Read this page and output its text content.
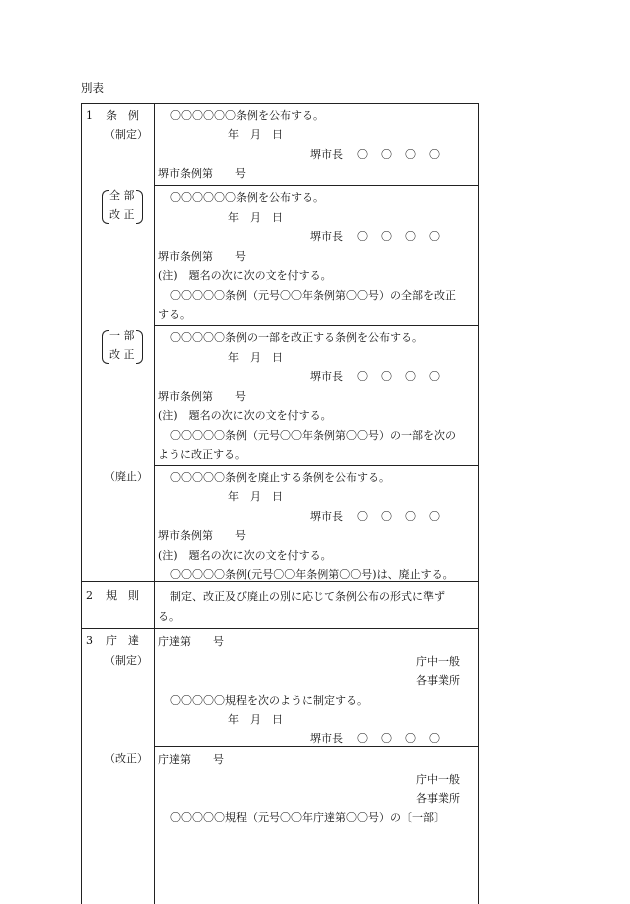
別表
1 条　例
（制定）
全 部
改 正
一 部
改 正
（廃止）
2 規　則
3 庁　達
（制定）
（改正）
〇〇〇〇〇〇条例を公布する。
年　月　日
堺市長 〇　〇　〇　〇
堺市条例第　　号
〇〇〇〇〇〇条例を公布する。
年　月　日
堺市長 〇　〇　〇　〇
堺市条例第　　号
(注)　題名の次に次の文を付する。
〇〇〇〇〇条例（元号〇〇年条例第〇〇号）の全部を改正
する。
〇〇〇〇〇条例の一部を改正する条例を公布する。
年　月　日
堺市長 〇　〇　〇　〇
堺市条例第　　号
(注)　題名の次に次の文を付する。
〇〇〇〇〇条例（元号〇〇年条例第〇〇号）の一部を次の
ように改正する。
〇〇〇〇〇条例を廃止する条例を公布する。
年　月　日
堺市長 〇　〇　〇　〇
堺市条例第　　号
(注)　題名の次に次の文を付する。
〇〇〇〇〇条例(元号〇〇年条例第〇〇号)は、廃止する。
制定、改正及び廃止の別に応じて条例公布の形式に準ず
る。
庁達第　　号
庁中一般
各事業所
〇〇〇〇〇規程を次のように制定する。
年　月　日
堺市長 〇　〇　〇　〇
庁達第　　号
庁中一般
各事業所
〇〇〇〇〇規程（元号〇〇年庁達第〇〇号）の〔一部〕
